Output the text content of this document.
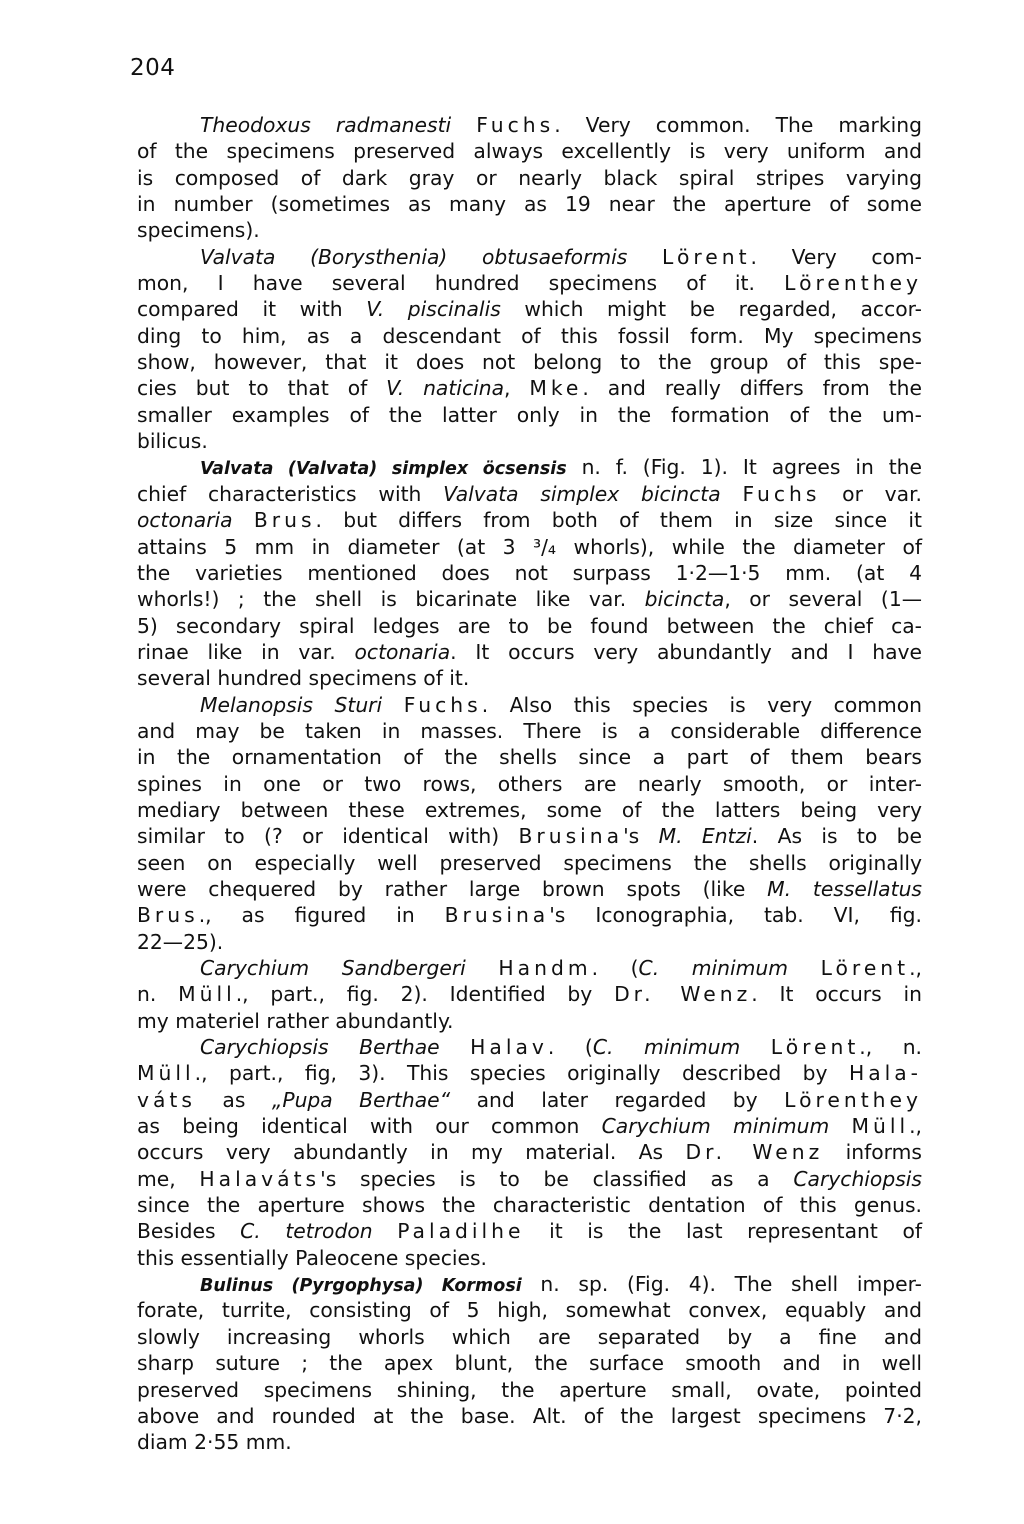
204
Theodoxus radmanesti Fuchs. Very common. The marking
of the specimens preserved always excellently is very uniform and
is composed of dark gray or nearly black spiral stripes varying
in number (sometimes as many as 19 near the aperture of some
specimens).
Valvata (Borysthenia) obtusaeformis Lörent. Very com-
mon, I have several hundred specimens of it. Lörenthey
compared it with V. piscinalis which might be regarded, accor-
ding to him, as a descendant of this fossil form. My specimens
show, however, that it does not belong to the group of this spe-
cies but to that of V. naticina, Mke. and really differs from the
smaller examples of the latter only in the formation of the um-
bilicus.
Valvata (Valvata) simplex öcsensis n. f. (Fig. 1). It agrees in the
chief characteristics with Valvata simplex bicincta Fuchs or var.
octonaria Brus. but differs from both of them in size since it
attains 5 mm in diameter (at 3 ³/₄ whorls), while the diameter of
the varieties mentioned does not surpass 1·2—1·5 mm. (at 4
whorls!) ; the shell is bicarinate like var. bicincta, or several (1—
5) secondary spiral ledges are to be found between the chief ca-
rinae like in var. octonaria. It occurs very abundantly and I have
several hundred specimens of it.
Melanopsis Sturi Fuchs. Also this species is very common
and may be taken in masses. There is a considerable difference
in the ornamentation of the shells since a part of them bears
spines in one or two rows, others are nearly smooth, or inter-
mediary between these extremes, some of the latters being very
similar to (? or identical with) Brusina's M. Entzi. As is to be
seen on especially well preserved specimens the shells originally
were chequered by rather large brown spots (like M. tessellatus
Brus., as figured in Brusina's Iconographia, tab. VI, fig.
22—25).
Carychium Sandbergeri Handm. (C. minimum Lörent.,
n. Müll., part., fig. 2). Identified by Dr. Wenz. It occurs in
my materiel rather abundantly.
Carychiopsis Berthae Halav. (C. minimum Lörent., n.
Müll., part., fig, 3). This species originally described by Hala-
váts as „Pupa Berthae“ and later regarded by Lörenthey
as being identical with our common Carychium minimum Müll.,
occurs very abundantly in my material. As Dr. Wenz informs
me, Halaváts's species is to be classified as a Carychiopsis
since the aperture shows the characteristic dentation of this genus.
Besides C. tetrodon Paladilhe it is the last representant of
this essentially Paleocene species.
Bulinus (Pyrgophysa) Kormosi n. sp. (Fig. 4). The shell imper-
forate, turrite, consisting of 5 high, somewhat convex, equably and
slowly increasing whorls which are separated by a fine and
sharp suture ; the apex blunt, the surface smooth and in well
preserved specimens shining, the aperture small, ovate, pointed
above and rounded at the base. Alt. of the largest specimens 7·2,
diam 2·55 mm.
